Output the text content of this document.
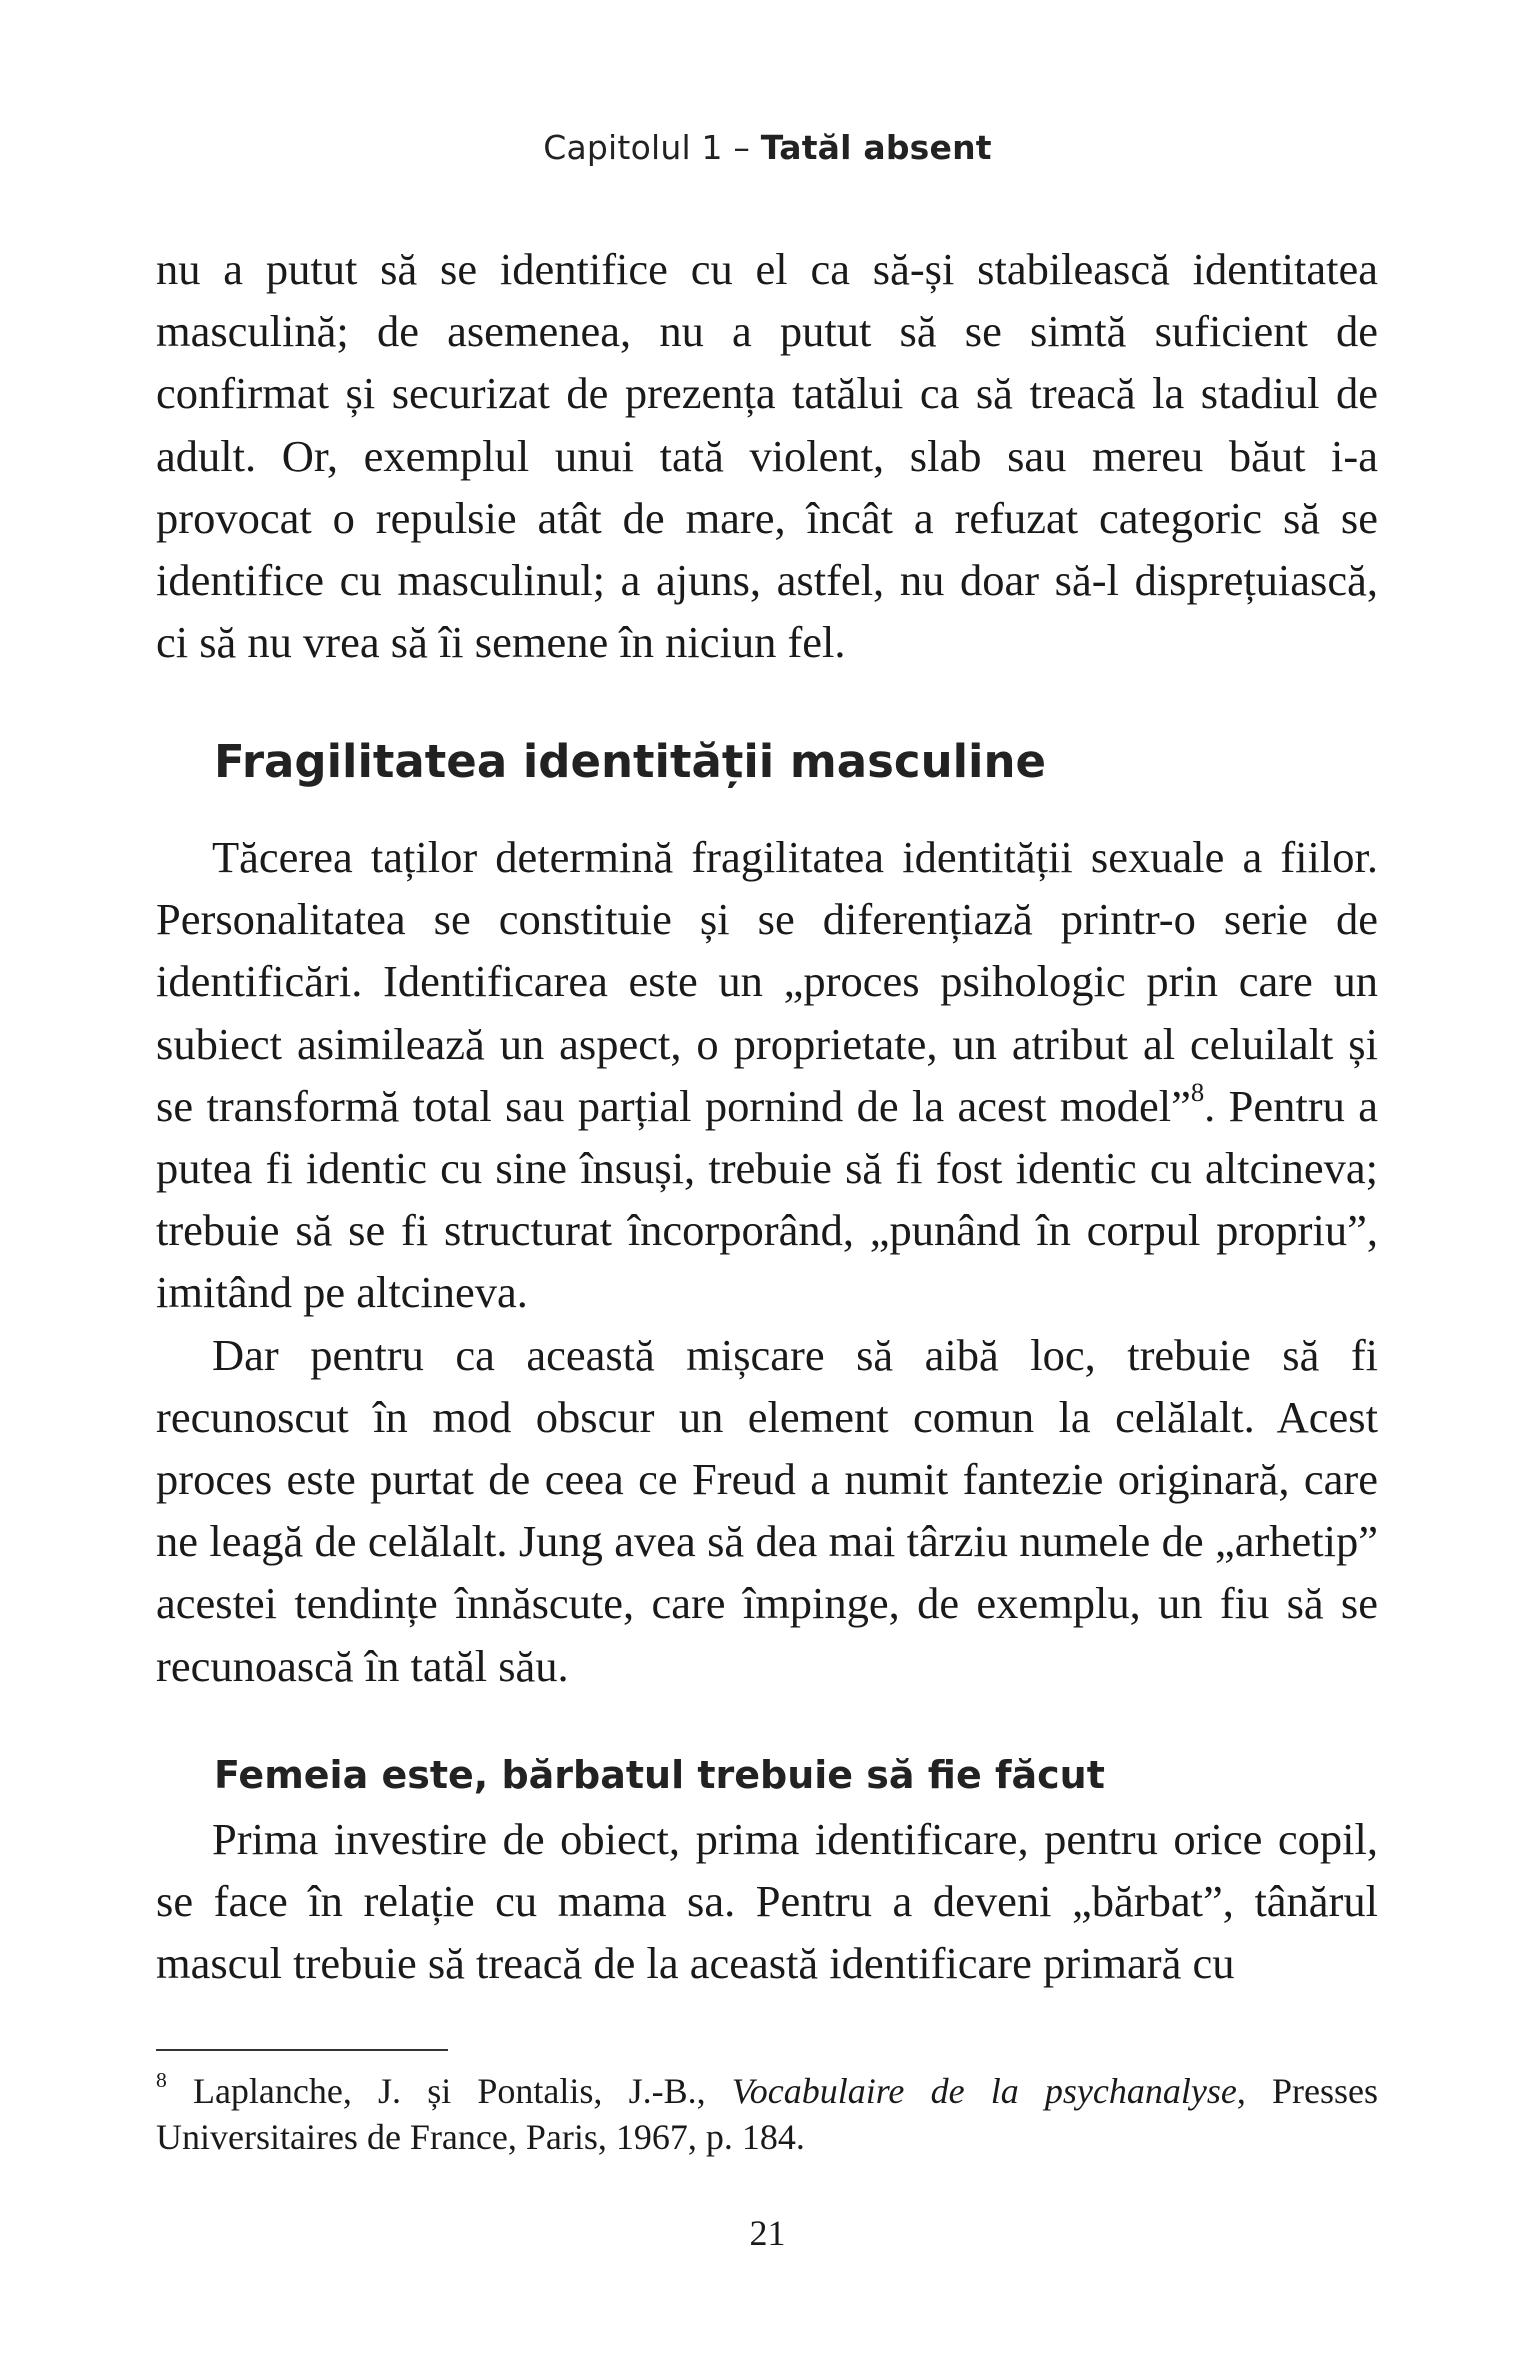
Capitolul 1 – Tatăl absent

nu a putut să se identifice cu el ca să-și stabilească identitatea masculină; de asemenea, nu a putut să se simtă suficient de confirmat și securizat de prezența tatălui ca să treacă la stadiul de adult. Or, exemplul unui tată violent, slab sau mereu băut i-a provocat o repulsie atât de mare, încât a refuzat categoric să se identifice cu masculinul; a ajuns, astfel, nu doar să-l disprețuiască, ci să nu vrea să îi semene în niciun fel.

Fragilitatea identității masculine

Tăcerea taților determină fragilitatea identității sexuale a fiilor. Personalitatea se constituie și se diferențiază printr-o serie de identificări. Identificarea este un „proces psihologic prin care un subiect asimilează un aspect, o proprietate, un atribut al celuilalt și se transformă total sau parțial pornind de la acest model”$^8$. Pentru a putea fi identic cu sine însuși, trebuie să fi fost identic cu altcineva; trebuie să se fi structurat încorporând, „punând în corpul propriu”, imitând pe altcineva.

Dar pentru ca această mișcare să aibă loc, trebuie să fi recunoscut în mod obscur un element comun la celălalt. Acest proces este purtat de ceea ce Freud a numit fantezie originară, care ne leagă de celălalt. Jung avea să dea mai târziu numele de „arhetip” acestei tendințe înnăscute, care împinge, de exemplu, un fiu să se recunoască în tatăl său.

Femeia este, bărbatul trebuie să fie făcut

Prima investire de obiect, prima identificare, pentru orice copil, se face în relație cu mama sa. Pentru a deveni „bărbat”, tânărul mascul trebuie să treacă de la această identificare primară cu

$^8$ Laplanche, J. și Pontalis, J.-B., Vocabulaire de la psychanalyse, Presses Universitaires de France, Paris, 1967, p. 184.
21
